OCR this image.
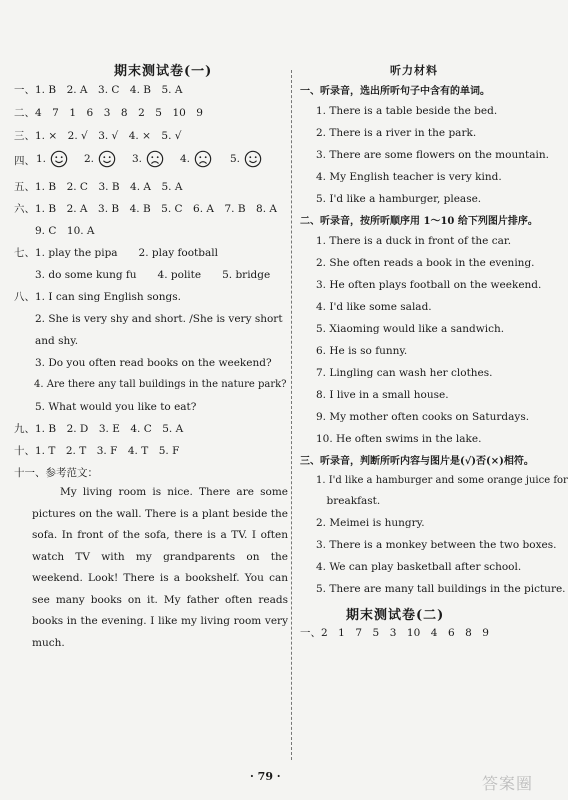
期末测试卷(一)
一、1. B　2. A　3. C　4. B　5. A
二、4　7　1　6　3　8　2　5　10　9
三、1. ×　2. √　3. √　4. ×　5. √
四、 1.	2.	3.	4.	5.
五、1. B　2. C　3. B　4. A　5. A
六、1. B　2. A　3. B　4. B　5. C　6. A　7. B　8. A
　　9. C　10. A
七、1. play the pipa　　2. play football
　　3. do some kung fu　　4. polite　　5. bridge
八、1. I can sing English songs.
　　2. She is very shy and short. /She is very short
　　and shy.
　　3. Do you often read books on the weekend?
　　4. Are there any tall buildings in the nature park?
　　5. What would you like to eat?
九、1. B　2. D　3. E　4. C　5. A
十、1. T　2. T　3. F　4. T　5. F
十一、参考范文：
My living room is nice. There are some pictures on the wall. There is a plant beside the sofa. In front of the sofa, there is a TV. I often watch TV with my grandparents on the weekend. Look! There is a bookshelf. You can see many books on it. My father often reads books in the evening. I like my living room very much.
听力材料
一、听录音，选出所听句子中含有的单词。
1. There is a table beside the bed.
2. There is a river in the park.
3. There are some flowers on the mountain.
4. My English teacher is very kind.
5. I'd like a hamburger, please.
二、听录音，按所听顺序用 1～10 给下列图片排序。
1. There is a duck in front of the car.
2. She often reads a book in the evening.
3. He often plays football on the weekend.
4. I'd like some salad.
5. Xiaoming would like a sandwich.
6. He is so funny.
7. Lingling can wash her clothes.
8. I live in a small house.
9. My mother often cooks on Saturdays.
10. He often swims in the lake.
三、听录音，判断所听内容与图片是(√)否(×)相符。
1. I'd like a hamburger and some orange juice for
　breakfast.
2. Meimei is hungry.
3. There is a monkey between the two boxes.
4. We can play basketball after school.
5. There are many tall buildings in the picture.
期末测试卷(二)
一、2　1　7　5　3　10　4　6　8　9
· 79 ·	答案圈
